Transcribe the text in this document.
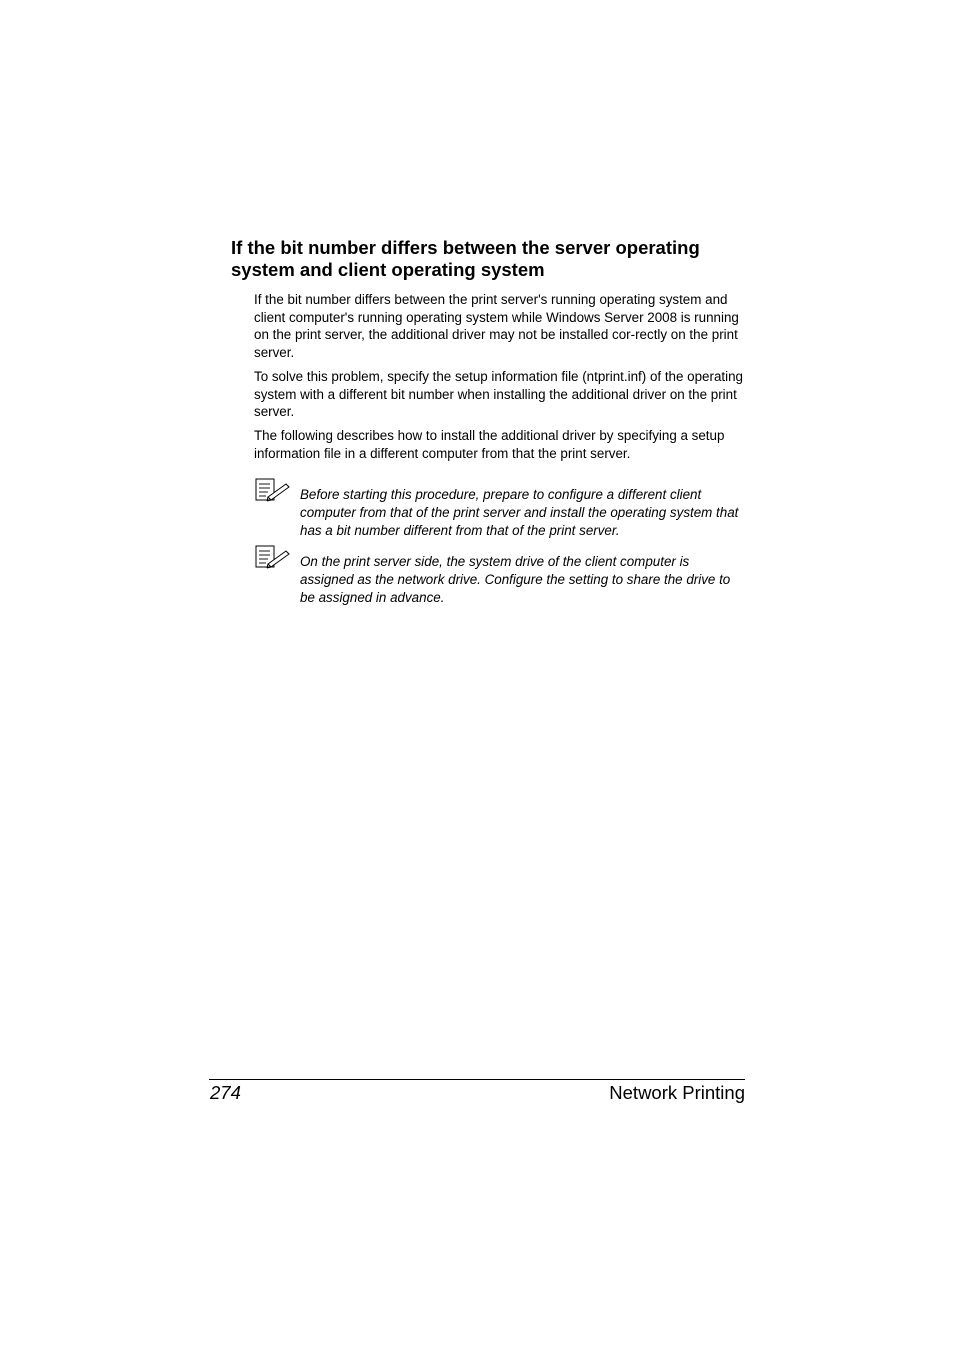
If the bit number differs between the server operating system and client operating system

If the bit number differs between the print server's running operating system and client computer's running operating system while Windows Server 2008 is running on the print server, the additional driver may not be installed cor-rectly on the print server.

To solve this problem, specify the setup information file (ntprint.inf) of the operating system with a different bit number when installing the additional driver on the print server.

The following describes how to install the additional driver by specifying a setup information file in a different computer from that the print server.

Before starting this procedure, prepare to configure a different client computer from that of the print server and install the operating system that has a bit number different from that of the print server.

On the print server side, the system drive of the client computer is assigned as the network drive. Configure the setting to share the drive to be assigned in advance.

274	Network Printing
